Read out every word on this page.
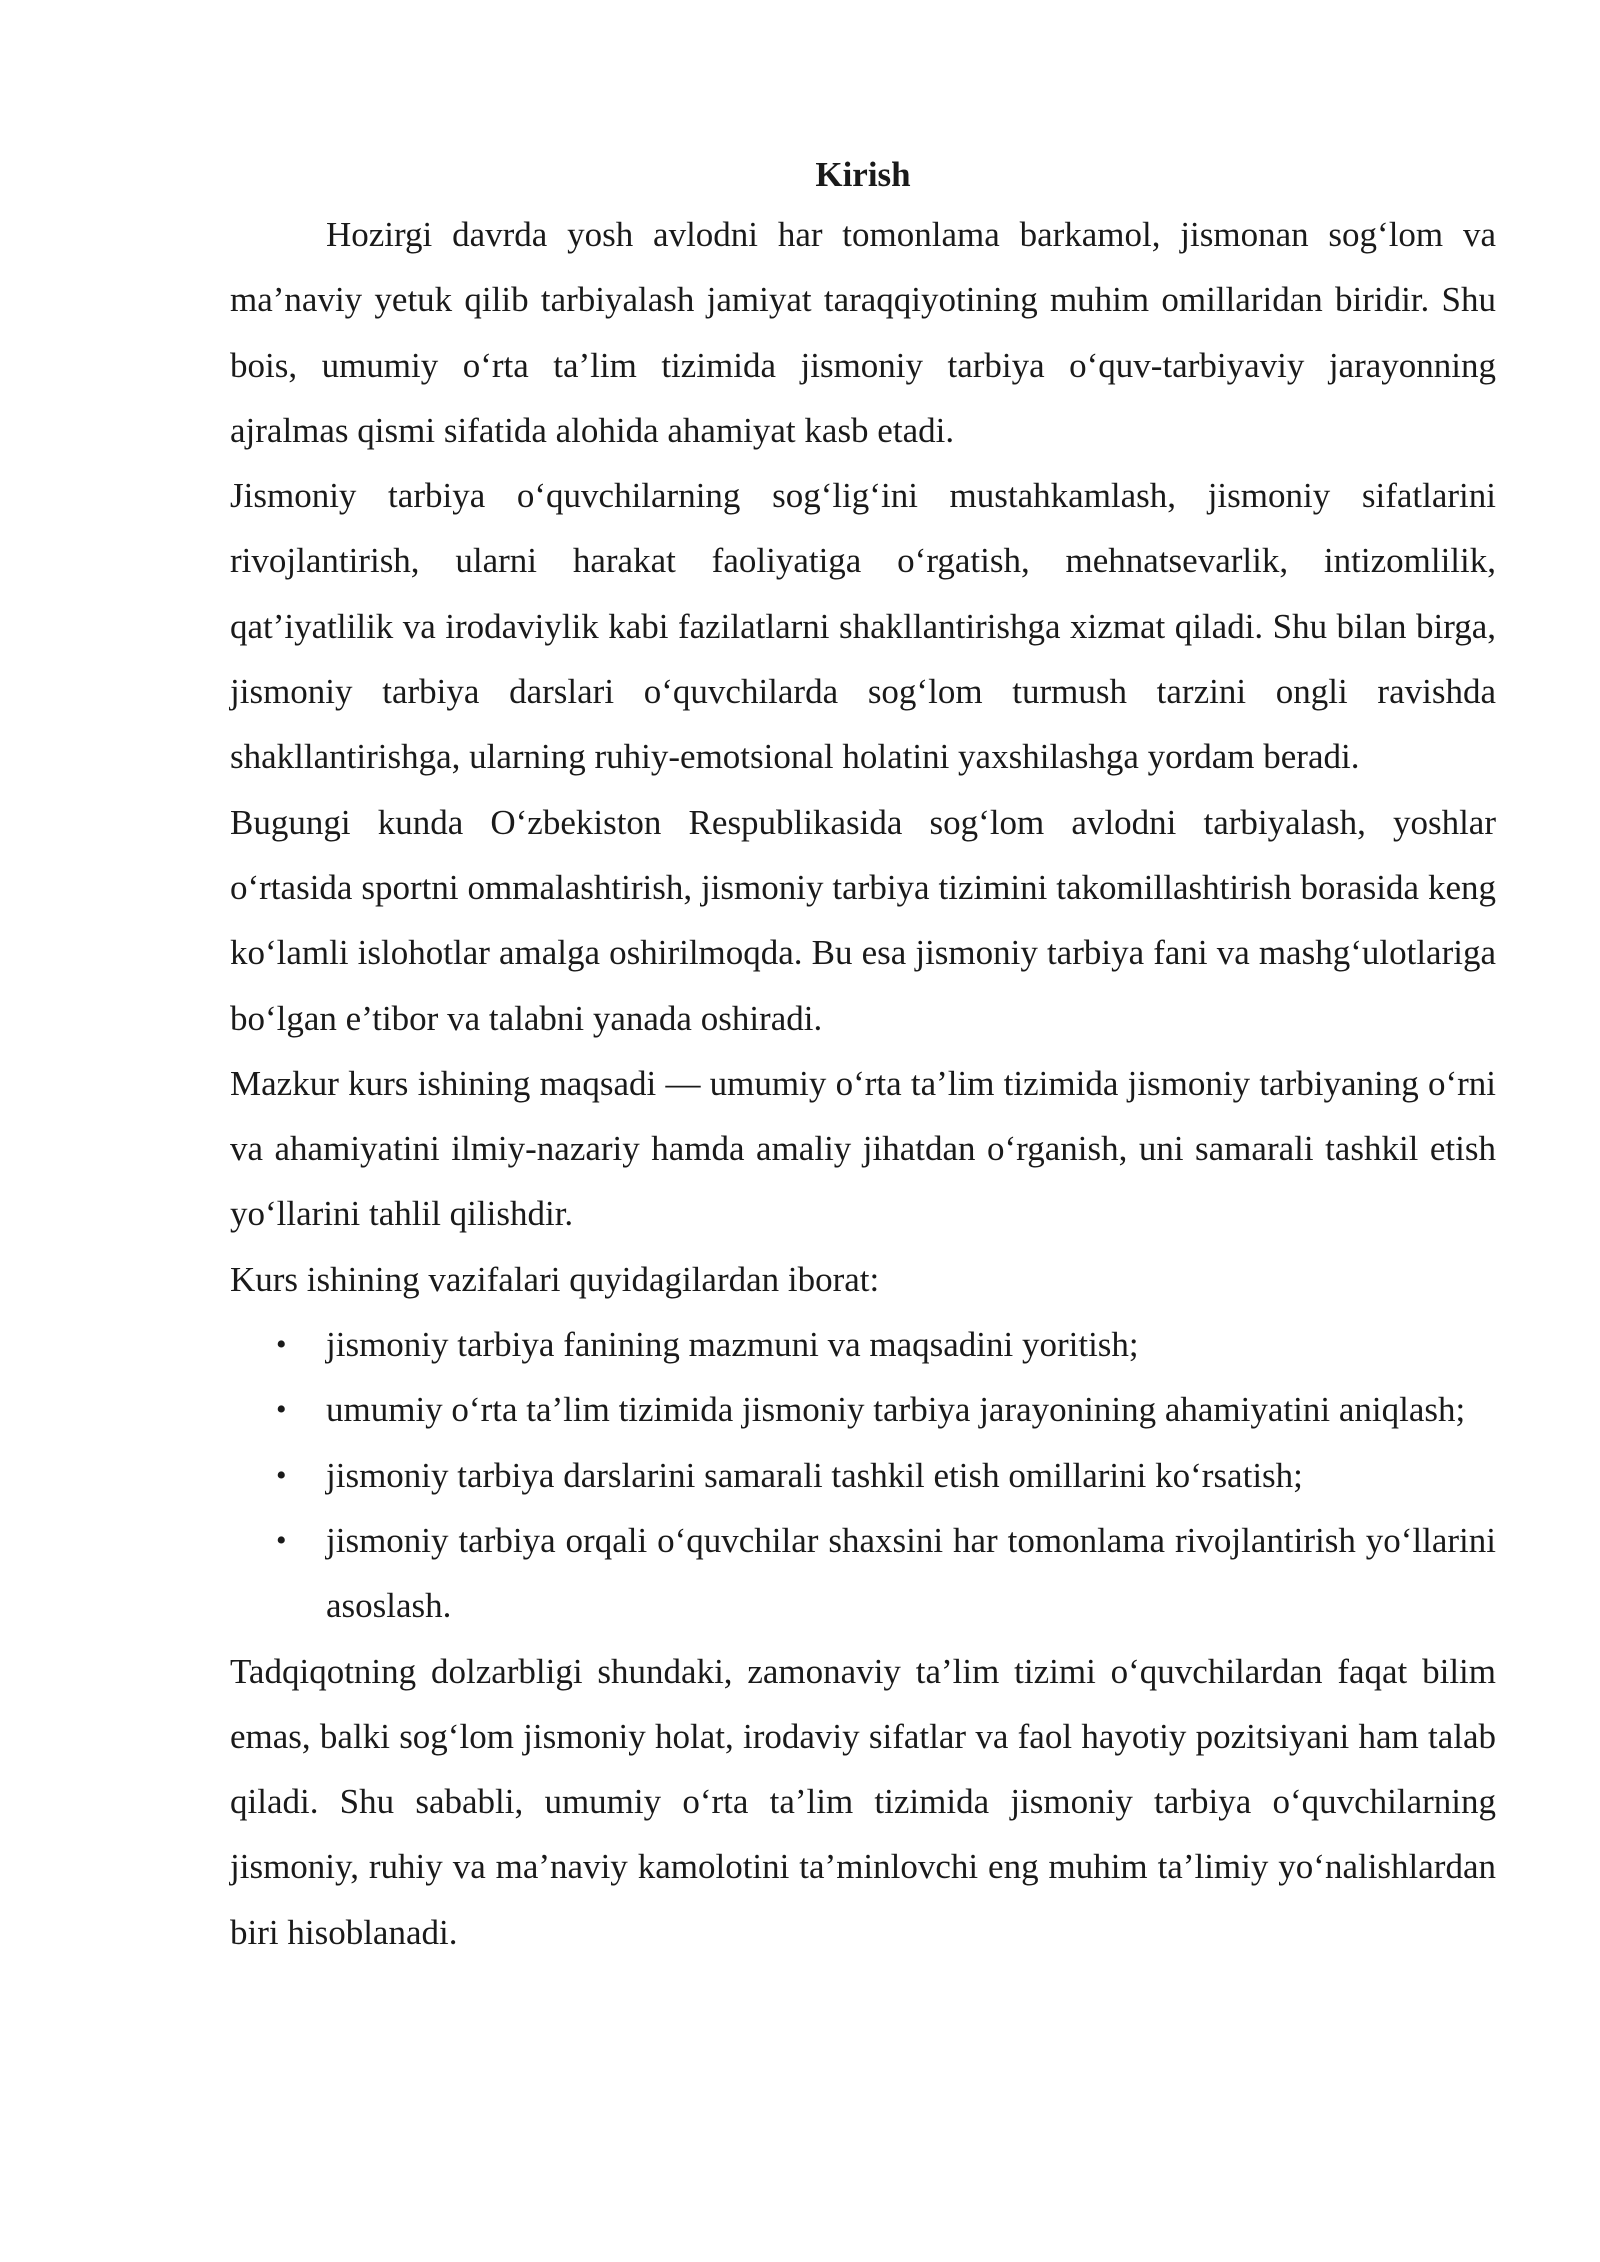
Kirish

Hozirgi davrda yosh avlodni har tomonlama barkamol, jismonan sog‘lom va ma’naviy yetuk qilib tarbiyalash jamiyat taraqqiyotining muhim omillaridan biridir. Shu bois, umumiy o‘rta ta’lim tizimida jismoniy tarbiya o‘quv-tarbiyaviy jarayonning ajralmas qismi sifatida alohida ahamiyat kasb etadi.

Jismoniy tarbiya o‘quvchilarning sog‘lig‘ini mustahkamlash, jismoniy sifatlarini rivojlantirish, ularni harakat faoliyatiga o‘rgatish, mehnatsevarlik, intizomlilik, qat’iyatlilik va irodaviylik kabi fazilatlarni shakllantirishga xizmat qiladi. Shu bilan birga, jismoniy tarbiya darslari o‘quvchilarda sog‘lom turmush tarzini ongli ravishda shakllantirishga, ularning ruhiy-emotsional holatini yaxshilashga yordam beradi.

Bugungi kunda O‘zbekiston Respublikasida sog‘lom avlodni tarbiyalash, yoshlar o‘rtasida sportni ommalashtirish, jismoniy tarbiya tizimini takomillashtirish borasida keng ko‘lamli islohotlar amalga oshirilmoqda. Bu esa jismoniy tarbiya fani va mashg‘ulotlariga bo‘lgan e’tibor va talabni yanada oshiradi.

Mazkur kurs ishining maqsadi — umumiy o‘rta ta’lim tizimida jismoniy tarbiyaning o‘rni va ahamiyatini ilmiy-nazariy hamda amaliy jihatdan o‘rganish, uni samarali tashkil etish yo‘llarini tahlil qilishdir.

Kurs ishining vazifalari quyidagilardan iborat:

• jismoniy tarbiya fanining mazmuni va maqsadini yoritish;
• umumiy o‘rta ta’lim tizimida jismoniy tarbiya jarayonining ahamiyatini aniqlash;
• jismoniy tarbiya darslarini samarali tashkil etish omillarini ko‘rsatish;
• jismoniy tarbiya orqali o‘quvchilar shaxsini har tomonlama rivojlantirish yo‘llarini asoslash.

Tadqiqotning dolzarbligi shundaki, zamonaviy ta’lim tizimi o‘quvchilardan faqat bilim emas, balki sog‘lom jismoniy holat, irodaviy sifatlar va faol hayotiy pozitsiyani ham talab qiladi. Shu sababli, umumiy o‘rta ta’lim tizimida jismoniy tarbiya o‘quvchilarning jismoniy, ruhiy va ma’naviy kamolotini ta’minlovchi eng muhim ta’limiy yo‘nalishlardan biri hisoblanadi.
